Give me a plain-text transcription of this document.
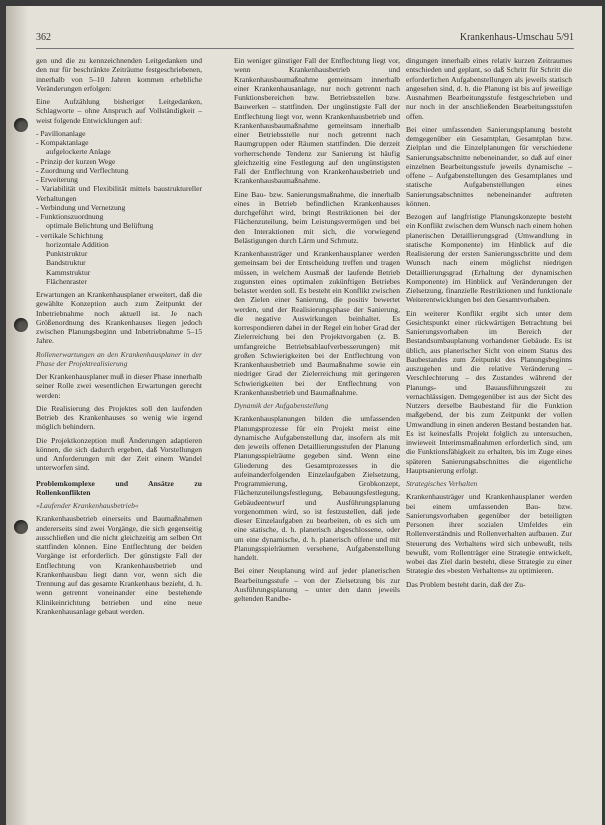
362	Krankenhaus-Umschau 5/91

gen und die zu kennzeichnenden Leitgedanken und den nur für beschränkte Zeiträume festgeschriebenen, innerhalb von 5–10 Jahren kommen erhebliche Veränderungen erfolgen:

Eine Aufzählung bisheriger Leitgedanken, Schlagworte – ohne Anspruch auf Vollständigkeit – weist folgende Entwicklungen auf:

- Pavillonanlage
- Kompaktanlage
aufgelockerte Anlage
- Prinzip der kurzen Wege
- Zuordnung und Verflechtung
- Erweiterung
- Variabilität und Flexibilität mittels baustruktureller Verhaltungen
- Verbindung und Vernetzung
- Funktionszuordnung
optimale Belichtung und Belüftung
- vertikale Schichtung
horizontale Addition
Punktstruktur
Bandstruktur
Kammstruktur
Flächenraster

Erwartungen an Krankenhausplaner erweitert, daß die gewählte Konzeption auch zum Zeitpunkt der Inbetriebnahme noch aktuell ist. Je nach Größenordnung des Krankenhauses liegen jedoch zwischen Planungsbeginn und Inbetriebnahme 5–15 Jahre.

Rollenerwartungen an den Krankenhausplaner in der Phase der Projektrealisierung

Der Krankenhausplaner muß in dieser Phase innerhalb seiner Rolle zwei wesentlichen Erwartungen gerecht werden:

Die Realisierung des Projektes soll den laufenden Betrieb des Krankenhauses so wenig wie irgend möglich behindern.

Die Projektkonzeption muß Änderungen adaptieren können, die sich dadurch ergeben, daß Vorstellungen und Anforderungen mit der Zeit einem Wandel unterworfen sind.

Problemkomplexe und Ansätze zu Rollenkonflikten

»Laufender Krankenhausbetrieb«

Krankenhausbetrieb einerseits und Baumaßnahmen andererseits sind zwei Vorgänge, die sich gegenseitig ausschließen und die nicht gleichzeitig am selben Ort stattfinden können. Eine Entflechtung der beiden Vorgänge ist erforderlich. Der günstigste Fall der Entflechtung von Krankenhausbetrieb und Krankenhausbau liegt dann vor, wenn sich die Trennung auf das gesamte Krankenhaus bezieht, d. h. wenn getrennt voneinander eine bestehende Klinikeinrichtung betrieben und eine neue Krankenhausanlage gebaut werden.

Ein weniger günstiger Fall der Entflechtung liegt vor, wenn Krankenhausbetrieb und Krankenhausbaumaßnahme gemeinsam innerhalb einer Krankenhausanlage, nur noch getrennt nach Funktionsbereichen bzw. Betriebsstellen bzw. Bauwerken – stattfinden. Der ungünstigste Fall der Entflechtung liegt vor, wenn Krankenhausbetrieb und Krankenhausbaumaßnahme gemeinsam innerhalb einer Betriebsstelle nur noch getrennt nach Raumgruppen oder Räumen stattfinden. Die derzeit vorherrschende Tendenz zur Sanierung ist häufig gleichzeitig eine Festlegung auf den ungünstigsten Fall der Entflechtung von Krankenhausbetrieb und Krankenhausbaumaßnahme.

Eine Bau- bzw. Sanierungsmaßnahme, die innerhalb eines in Betrieb befindlichen Krankenhauses durchgeführt wird, bringt Restriktionen bei der Flächenzuteilung, beim Leistungsvermögen und bei den Interaktionen mit sich, die vorwiegend Belästigungen durch Lärm und Schmutz.

Krankenhausträger und Krankenhausplaner werden gemeinsam bei der Entscheidung treffen und tragen müssen, in welchem Ausmaß der laufende Betrieb zugunsten eines optimalen zukünftigen Betriebes belastet werden soll. Es besteht ein Konflikt zwischen den Zielen einer Sanierung, die positiv bewertet werden, und der Realisierungsphase der Sanierung, die negative Auswirkungen beinhaltet. Es korrespondieren dabei in der Regel ein hoher Grad der Zielerreichung bei den Projektvorgaben (z. B. umfangreiche Betriebsablaufverbesserungen) mit großen Schwierigkeiten bei der Entflechtung von Krankenhausbetrieb und Baumaßnahme sowie ein niedriger Grad der Zielerreichung mit geringeren Schwierigkeiten bei der Entflechtung von Krankenhausbetrieb und Baumaßnahme.

Dynamik der Aufgabenstellung

Krankenhausplanungen bilden die umfassenden Planungsprozesse für ein Projekt meist eine dynamische Aufgabenstellung dar, insofern als mit den jeweils offenen Detaillierungsstufen der Planung Planungsspielräume gegeben sind. Wenn eine Gliederung des Gesamtprozesses in die aufeinanderfolgenden Einzelaufgaben Zielsetzung, Programmierung, Grobkonzept, Flächenzuteilungsfestlegung, Bebauungsfestlegung, Gebäudeentwurf und Ausführungsplanung vorgenommen wird, so ist festzustellen, daß jede dieser Einzelaufgaben zu bearbeiten, ob es sich um eine statische, d. h. planerisch abgeschlossene, oder um eine dynamische, d. h. planerisch offene und mit Planungsspielräumen versehene, Aufgabenstellung handelt.

Bei einer Neuplanung wird auf jeder planerischen Bearbeitungsstufe – von der Zielsetzung bis zur Ausführungsplanung – unter den dann jeweils geltenden Randbe-

dingungen innerhalb eines relativ kurzen Zeitraumes entschieden und geplant, so daß Schritt für Schritt die erforderlichen Aufgabenstellungen als jeweils statisch angesehen sind, d. h. die Planung ist bis auf jeweilige Ausnahmen Bearbeitungsstufe festgeschrieben und nur noch in der anschließenden Bearbeitungsstufen offen.

Bei einer umfassenden Sanierungsplanung besteht demgegenüber ein Gesamtplan, Gesamtplan bzw. Zielplan und die Einzelplanungen für verschiedene Sanierungsabschnitte nebeneinander, so daß auf einer einzelnen Bearbeitungsstufe jeweils dynamische – offene – Aufgabenstellungen des Gesamtplanes und statische Aufgabenstellungen eines Sanierungsabschnittes nebeneinander auftreten können.

Bezogen auf langfristige Planungskonzepte besteht ein Konflikt zwischen dem Wunsch nach einem hohen planerischen Detaillierungsgrad (Umwandlung in statische Komponente) im Hinblick auf die Realisierung der ersten Sanierungsschritte und dem Wunsch nach einem möglichst niedrigen Detaillierungsgrad (Erhaltung der dynamischen Komponente) im Hinblick auf Veränderungen der Zielsetzung, finanzielle Restriktionen und funktionale Weiterentwicklungen bei den Gesamtvorhaben.

Ein weiterer Konflikt ergibt sich unter dem Gesichtspunkt einer rückwärtigen Betrachtung bei Sanierungsvorhaben im Bereich der Bestandsumbauplanung vorhandener Gebäude. Es ist üblich, aus planerischer Sicht von einem Status des Baubestandes zum Zeitpunkt des Planungsbeginns auszugehen und die relative Veränderung – Verschlechterung – des Zustandes während der Planungs- und Bauausführungszeit zu vernachlässigen. Demgegenüber ist aus der Sicht des Nutzers derselbe Baubestand für die Funktion maßgebend, der bis zum Zeitpunkt der vollen Umwandlung in einen anderen Bestand bestanden hat. Es ist keinesfalls Projekt folglich zu untersuchen, inwieweit Interimsmaßnahmen erforderlich sind, um die Funktionsfähigkeit zu erhalten, bis im Zuge eines späteren Sanierungsabschnittes die eigentliche Hauptsanierung erfolgt.

Strategisches Verhalten

Krankenhausträger und Krankenhausplaner werden bei einem umfassenden Bau- bzw. Sanierungsvorhaben gegenüber der beteiligten Personen ihrer sozialen Umfeldes ein Rollenverständnis und Rollenverhalten aufbauen. Zur Steuerung des Verhaltens wird sich unbewußt, teils bewußt, vom Rollenträger eine Strategie entwickelt, wobei das Ziel darin besteht, diese Strategie zu einer Strategie des »besten Verhaltens« zu optimieren.

Das Problem besteht darin, daß der Zu-
